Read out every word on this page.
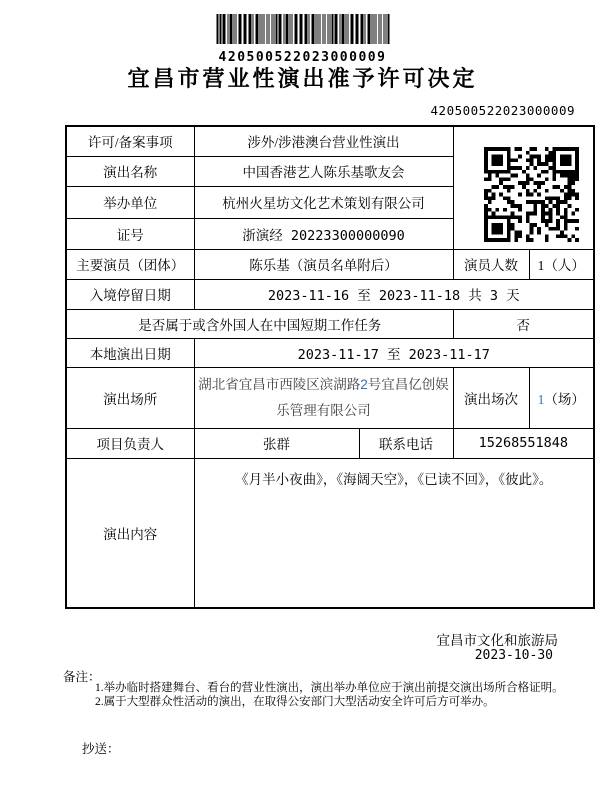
420500522023000009
宜昌市营业性演出准予许可决定
420500522023000009
许可/备案事项	涉外/涉港澳台营业性演出	

演出名称	中国香港艺人陈乐基歌友会			
举办单位	杭州火星坊文化艺术策划有限公司			
证号	浙演经 20223300000090			
主要演员（团体）	陈乐基（演员名单附后）		演员人数	1（人）
入境停留日期	2023-11-16 至 2023-11-18 共 3 天			
是否属于或含外国人在中国短期工作任务			否	
本地演出日期	2023-11-17 至 2023-11-17			
演出场所	湖北省宜昌市西陵区滨湖路2号宜昌亿创娱乐管理有限公司		演出场次	1（场）
项目负责人	张群	联系电话	15268551848	
演出内容	《月半小夜曲》，《海阔天空》，《已读不回》，《彼此》。			
宜昌市文化和旅游局
2023-10-30
备注：
1.举办临时搭建舞台、看台的营业性演出，演出举办单位应于演出前提交演出场所合格证明。
2.属于大型群众性活动的演出，在取得公安部门大型活动安全许可后方可举办。
抄送：
